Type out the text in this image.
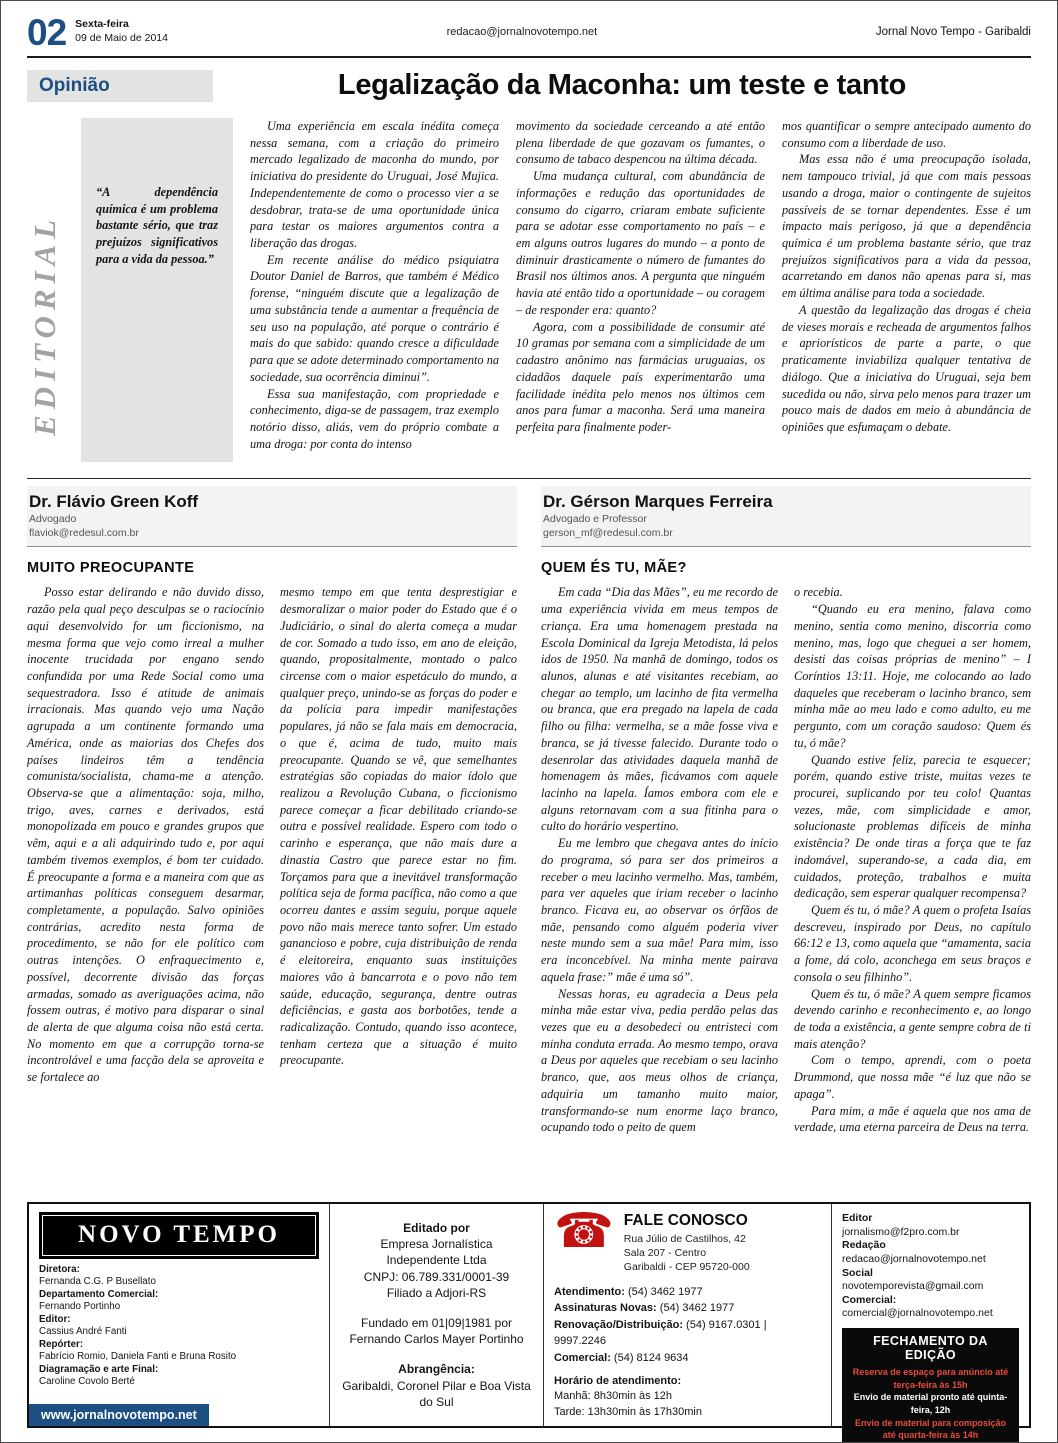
02 Sexta-feira
09 de Maio de 2014	redacao@jornalnovotempo.net	Jornal Novo Tempo - Garibaldi
Opinião	Legalização da Maconha: um teste e tanto
EDITORIAL

“A dependência química é um problema bastante sério, que traz prejuízos significativos para a vida da pessoa.”

Uma experiência em escala inédita começa nessa semana, com a criação do primeiro mercado legalizado de maconha do mundo, por iniciativa do presidente do Uruguai, José Mujica. Independentemente de como o processo vier a se desdobrar, trata-se de uma oportunidade única para testar os maiores argumentos contra a liberação das drogas.

Em recente análise do médico psiquiatra Doutor Daniel de Barros, que também é Médico forense, “ninguém discute que a legalização de uma substância tende a aumentar a frequência de seu uso na população, até porque o contrário é mais do que sabido: quando cresce a dificuldade para que se adote determinado comportamento na sociedade, sua ocorrência diminui”.

Essa sua manifestação, com propriedade e conhecimento, diga-se de passagem, traz exemplo notório disso, aliás, vem do próprio combate a uma droga: por conta do intenso

movimento da sociedade cerceando a até então plena liberdade de que gozavam os fumantes, o consumo de tabaco despencou na última década.

Uma mudança cultural, com abundância de informações e redução das oportunidades de consumo do cigarro, criaram embate suficiente para se adotar esse comportamento no país – e em alguns outros lugares do mundo – a ponto de diminuir drasticamente o número de fumantes do Brasil nos últimos anos. A pergunta que ninguém havia até então tido a oportunidade – ou coragem – de responder era: quanto?

Agora, com a possibilidade de consumir até 10 gramas por semana com a simplicidade de um cadastro anônimo nas farmácias uruguaias, os cidadãos daquele país experimentarão uma facilidade inédita pelo menos nos últimos cem anos para fumar a maconha. Será uma maneira perfeita para finalmente poder-

mos quantificar o sempre antecipado aumento do consumo com a liberdade de uso.

Mas essa não é uma preocupação isolada, nem tampouco trivial, já que com mais pessoas usando a droga, maior o contingente de sujeitos passíveis de se tornar dependentes. Esse é um impacto mais perigoso, já que a dependência química é um problema bastante sério, que traz prejuízos significativos para a vida da pessoa, acarretando em danos não apenas para si, mas em última análise para toda a sociedade.

A questão da legalização das drogas é cheia de vieses morais e recheada de argumentos falhos e apriorísticos de parte a parte, o que praticamente inviabiliza qualquer tentativa de diálogo. Que a iniciativa do Uruguai, seja bem sucedida ou não, sirva pelo menos para trazer um pouco mais de dados em meio à abundância de opiniões que esfumaçam o debate.

Dr. Flávio Green Koff
Advogado
flaviok@redesul.com.br
MUITO PREOCUPANTE

Posso estar delirando e não duvido disso, razão pela qual peço desculpas se o raciocínio aqui desenvolvido for um ficcionismo, na mesma forma que vejo como irreal a mulher inocente trucidada por engano sendo confundida por uma Rede Social como uma sequestradora. Isso é atitude de animais irracionais. Mas quando vejo uma Nação agrupada a um continente formando uma América, onde as maiorias dos Chefes dos países lindeiros têm a tendência comunista/socialista, chama-me a atenção. Observa-se que a alimentação: soja, milho, trigo, aves, carnes e derivados, está monopolizada em pouco e grandes grupos que vêm, aqui e a ali adquirindo tudo e, por aqui também tivemos exemplos, é bom ter cuidado. É preocupante a forma e a maneira com que as artimanhas políticas conseguem desarmar, completamente, a população. Salvo opiniões contrárias, acredito nesta forma de procedimento, se não for ele político com outras intenções. O enfraquecimento e, possível, decorrente divisão das forças armadas, somado as averiguações acima, não fossem outras, é motivo para disparar o sinal de alerta de que alguma coisa não está certa. No momento em que a corrupção torna-se incontrolável e uma facção dela se aproveita e se fortalece ao

mesmo tempo em que tenta desprestigiar e desmoralizar o maior poder do Estado que é o Judiciário, o sinal do alerta começa a mudar de cor. Somado a tudo isso, em ano de eleição, quando, propositalmente, montado o palco circense com o maior espetáculo do mundo, a qualquer preço, unindo-se as forças do poder e da polícia para impedir manifestações populares, já não se fala mais em democracia, o que é, acima de tudo, muito mais preocupante. Quando se vê, que semelhantes estratégias são copiadas do maior ídolo que realizou a Revolução Cubana, o ficcionismo parece começar a ficar debilitado criando-se outra e possível realidade. Espero com todo o carinho e esperança, que não mais dure a dinastia Castro que parece estar no fim. Torçamos para que a inevitável transformação política seja de forma pacífica, não como a que ocorreu dantes e assim seguiu, porque aquele povo não mais merece tanto sofrer. Um estado ganancioso e pobre, cuja distribuição de renda é eleitoreira, enquanto suas instituições maiores vão à bancarrota e o povo não tem saúde, educação, segurança, dentre outras deficiências, e gasta aos borbotões, tende a radicalização. Contudo, quando isso acontece, tenham certeza que a situação é muito preocupante.

Dr. Gérson Marques Ferreira
Advogado e Professor
gerson_mf@redesul.com.br
QUEM ÉS TU, MÃE?

Em cada “Dia das Mães”, eu me recordo de uma experiência vivida em meus tempos de criança. Era uma homenagem prestada na Escola Dominical da Igreja Metodista, lá pelos idos de 1950. Na manhã de domingo, todos os alunos, alunas e até visitantes recebiam, ao chegar ao templo, um lacinho de fita vermelha ou branca, que era pregado na lapela de cada filho ou filha: vermelha, se a mãe fosse viva e branca, se já tivesse falecido. Durante todo o desenrolar das atividades daquela manhã de homenagem às mães, ficávamos com aquele lacinho na lapela. Íamos embora com ele e alguns retornavam com a sua fitinha para o culto do horário vespertino.

Eu me lembro que chegava antes do início do programa, só para ser dos primeiros a receber o meu lacinho vermelho. Mas, também, para ver aqueles que iriam receber o lacinho branco. Ficava eu, ao observar os órfãos de mãe, pensando como alguém poderia viver neste mundo sem a sua mãe! Para mim, isso era inconcebível. Na minha mente pairava aquela frase:” mãe é uma só”.

Nessas horas, eu agradecia a Deus pela minha mãe estar viva, pedia perdão pelas das vezes que eu a desobedeci ou entristeci com minha conduta errada. Ao mesmo tempo, orava a Deus por aqueles que recebiam o seu lacinho branco, que, aos meus olhos de criança, adquiria um tamanho muito maior, transformando-se num enorme laço branco, ocupando todo o peito de quem

o recebia.

“Quando eu era menino, falava como menino, sentia como menino, discorria como menino, mas, logo que cheguei a ser homem, desisti das coisas próprias de menino” – I Coríntios 13:11. Hoje, me colocando ao lado daqueles que receberam o lacinho branco, sem minha mãe ao meu lado e como adulto, eu me pergunto, com um coração saudoso: Quem és tu, ó mãe?

Quando estive feliz, parecia te esquecer; porém, quando estive triste, muitas vezes te procurei, suplicando por teu colo! Quantas vezes, mãe, com simplicidade e amor, solucionaste problemas difíceis de minha existência? De onde tiras a força que te faz indomável, superando-se, a cada dia, em cuidados, proteção, trabalhos e muita dedicação, sem esperar qualquer recompensa?

Quem és tu, ó mãe? A quem o profeta Isaías descreveu, inspirado por Deus, no capítulo 66:12 e 13, como aquela que “amamenta, sacia a fome, dá colo, aconchega em seus braços e consola o seu filhinho”.

Quem és tu, ó mãe? A quem sempre ficamos devendo carinho e reconhecimento e, ao longo de toda a existência, a gente sempre cobra de ti mais atenção?

Com o tempo, aprendi, com o poeta Drummond, que nossa mãe “é luz que não se apaga”.

Para mim, a mãe é aquela que nos ama de verdade, uma eterna parceira de Deus na terra.

NOVO TEMPO
Diretora:
Fernanda C.G. P Busellato
Departamento Comercial:
Fernando Portinho
Editor:
Cassius André Fanti
Repórter:
Fabrício Romio, Daniela Fanti e Bruna Rosito
Diagramação e arte Final:
Caroline Covolo Berté
www.jornalnovotempo.net
Editado por
Empresa Jornalística
Independente Ltda
CNPJ: 06.789.331/0001-39
Filiado a Adjori-RS
Fundado em 01|09|1981 por
Fernando Carlos Mayer Portinho
Abrangência:
Garibaldi, Coronel Pilar e Boa Vista do Sul
☎ FALE CONOSCO
Rua Júlio de Castilhos, 42
Sala 207 - Centro
Garibaldi - CEP 95720-000
Atendimento: (54) 3462 1977
Assinaturas Novas: (54) 3462 1977
Renovação/Distribuição: (54) 9167.0301 | 9997.2246
Comercial: (54) 8124 9634
Horário de atendimento:
Manhã: 8h30min às 12h
Tarde: 13h30min às 17h30min
Editor
jornalismo@f2pro.com.br
Redação
redacao@jornalnovotempo.net
Social
novotemporevista@gmail.com
Comercial:
comercial@jornalnovotempo.net
FECHAMENTO DA EDIÇÃO
Reserva de espaço para anúncio até terça-feira às 15h
Envio de material pronto até quinta-feira, 12h
Envio de material para composição até quarta-feira às 14h
